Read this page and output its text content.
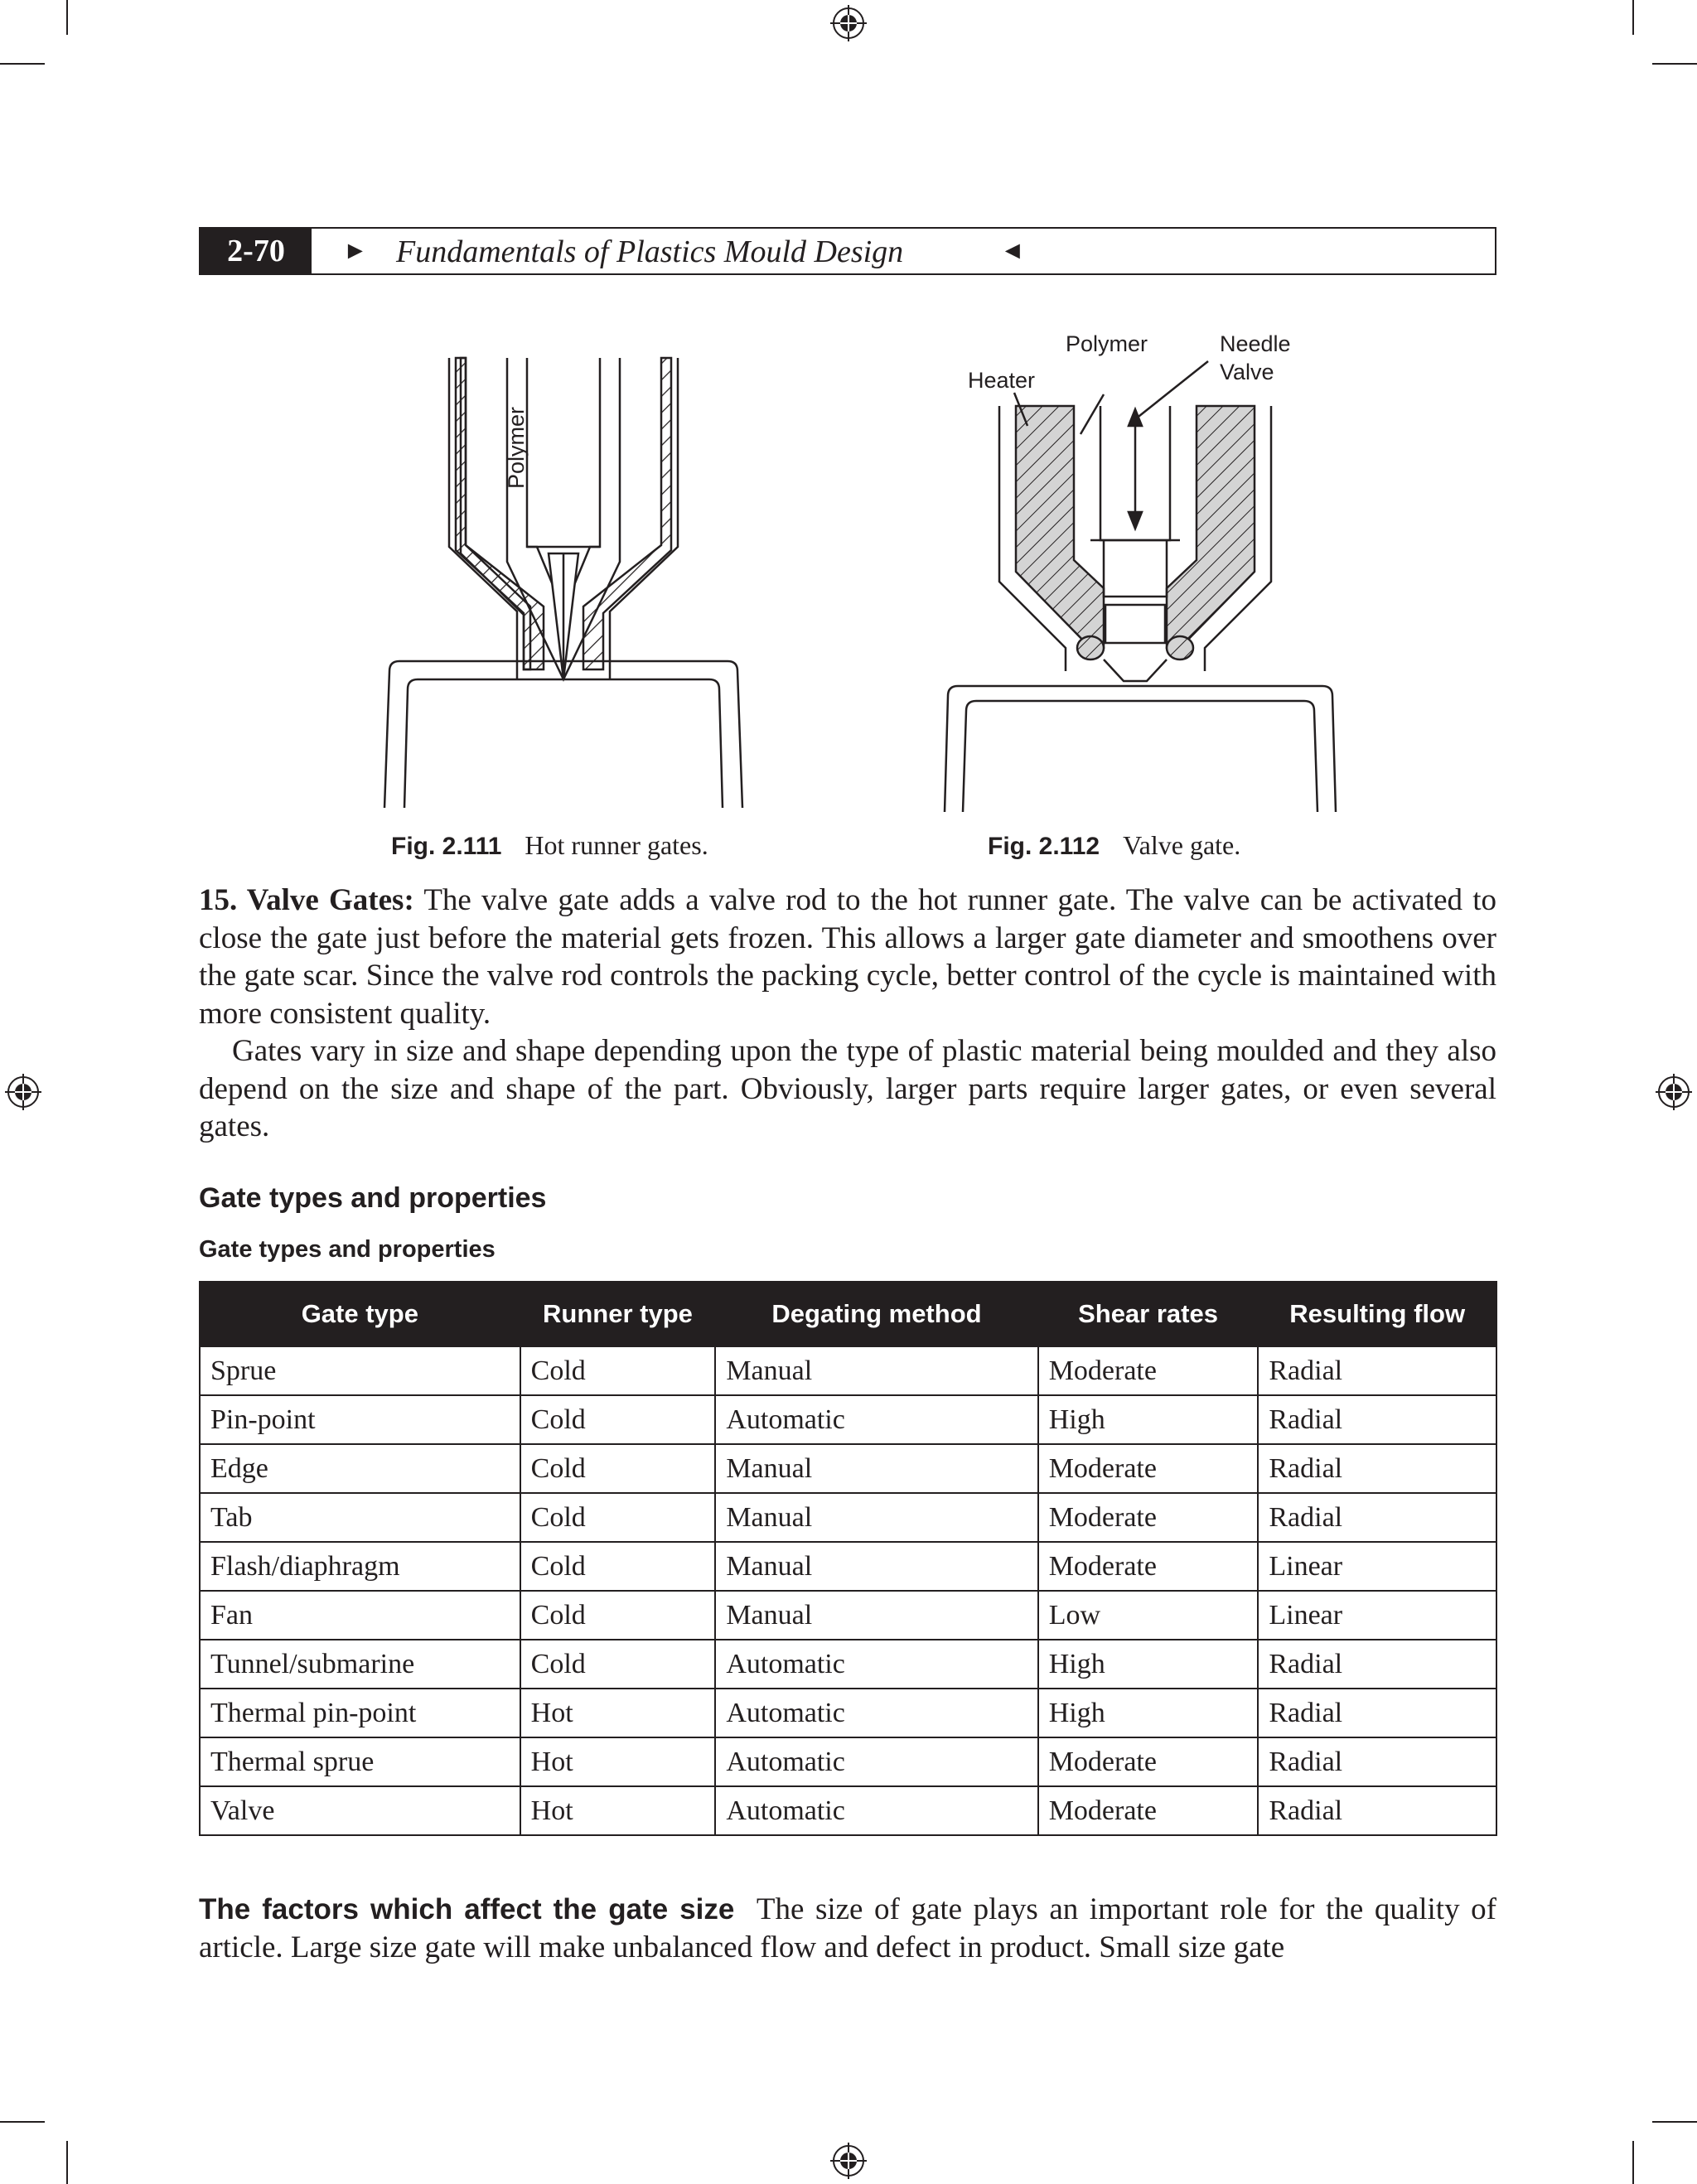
2-70	► Fundamentals of Plastics Mould Design	◄
Polymer
Fig. 2.111 Hot runner gates.
Heater
Polymer	Needle
Valve
Fig. 2.112 Valve gate.
15. Valve Gates: The valve gate adds a valve rod to the hot runner gate. The valve can be activated to close the gate just before the material gets frozen. This allows a larger gate diameter and smoothens over the gate scar. Since the valve rod controls the packing cycle, better control of the cycle is maintained with more consistent quality.
Gates vary in size and shape depending upon the type of plastic material being moulded and they also depend on the size and shape of the part. Obviously, larger parts require larger gates, or even several gates.
Gate types and properties
Gate types and properties
Gate type	Runner type	Degating method	Shear rates	Resulting flow
Sprue	Cold	Manual	Moderate	Radial
Pin-point	Cold	Automatic	High	Radial
Edge	Cold	Manual	Moderate	Radial
Tab	Cold	Manual	Moderate	Radial
Flash/diaphragm	Cold	Manual	Moderate	Linear
Fan	Cold	Manual	Low	Linear
Tunnel/submarine	Cold	Automatic	High	Radial
Thermal pin-point	Hot	Automatic	High	Radial
Thermal sprue	Hot	Automatic	Moderate	Radial
Valve	Hot	Automatic	Moderate	Radial
The factors which affect the gate size The size of gate plays an important role for the quality of article. Large size gate will make unbalanced flow and defect in product. Small size gate
